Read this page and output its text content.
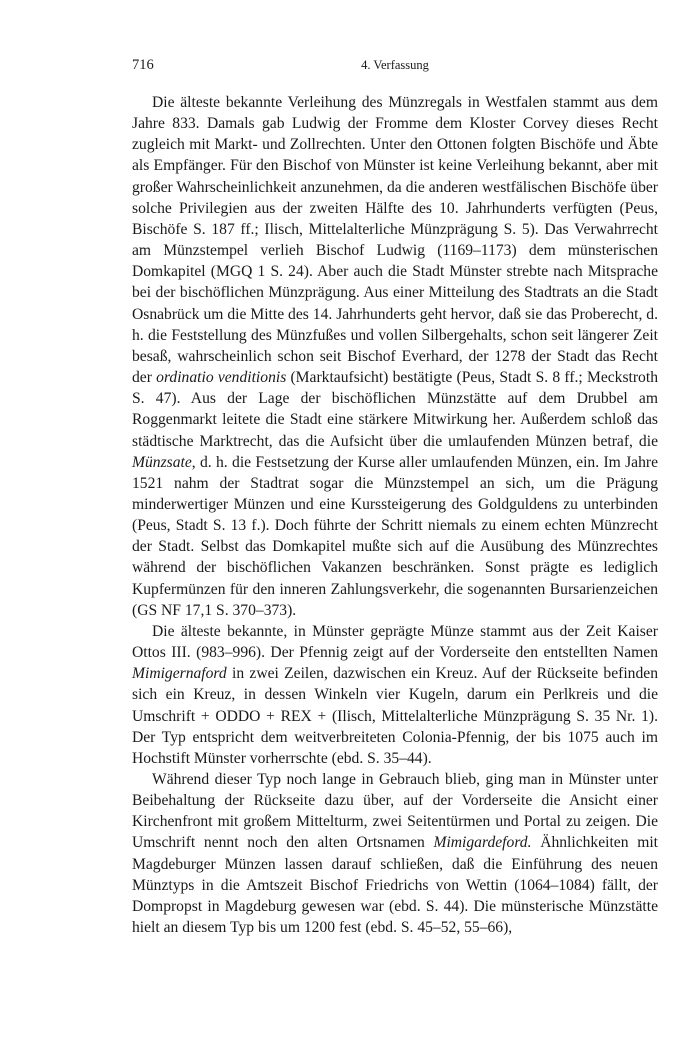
716	4. Verfassung

Die älteste bekannte Verleihung des Münzregals in Westfalen stammt aus dem Jahre 833. Damals gab Ludwig der Fromme dem Kloster Corvey dieses Recht zugleich mit Markt- und Zollrechten. Unter den Ottonen folgten Bischöfe und Äbte als Empfänger. Für den Bischof von Münster ist keine Verleihung bekannt, aber mit großer Wahrscheinlichkeit anzunehmen, da die anderen westfälischen Bischöfe über solche Privilegien aus der zweiten Hälfte des 10. Jahrhunderts verfügten (Peus, Bischöfe S. 187 ff.; Ilisch, Mittelalterliche Münzprägung S. 5). Das Verwahrrecht am Münzstempel verlieh Bischof Ludwig (1169–1173) dem münsterischen Domkapitel (MGQ 1 S. 24). Aber auch die Stadt Münster strebte nach Mitsprache bei der bischöflichen Münzprägung. Aus einer Mitteilung des Stadtrats an die Stadt Osnabrück um die Mitte des 14. Jahrhunderts geht hervor, daß sie das Proberecht, d. h. die Feststellung des Münzfußes und vollen Silbergehalts, schon seit längerer Zeit besaß, wahrscheinlich schon seit Bischof Everhard, der 1278 der Stadt das Recht der ordinatio venditionis (Marktaufsicht) bestätigte (Peus, Stadt S. 8 ff.; Meckstroth S. 47). Aus der Lage der bischöflichen Münzstätte auf dem Drubbel am Roggenmarkt leitete die Stadt eine stärkere Mitwirkung her. Außerdem schloß das städtische Marktrecht, das die Aufsicht über die umlaufenden Münzen betraf, die Münzsate, d. h. die Festsetzung der Kurse aller umlaufenden Münzen, ein. Im Jahre 1521 nahm der Stadtrat sogar die Münzstempel an sich, um die Prägung minderwertiger Münzen und eine Kurssteigerung des Goldguldens zu unterbinden (Peus, Stadt S. 13 f.). Doch führte der Schritt niemals zu einem echten Münzrecht der Stadt. Selbst das Domkapitel mußte sich auf die Ausübung des Münzrechtes während der bischöflichen Vakanzen beschränken. Sonst prägte es lediglich Kupfermünzen für den inneren Zahlungsverkehr, die sogenannten Bursarienzeichen (GS NF 17,1 S. 370–373).

Die älteste bekannte, in Münster geprägte Münze stammt aus der Zeit Kaiser Ottos III. (983–996). Der Pfennig zeigt auf der Vorderseite den entstellten Namen Mimigernaford in zwei Zeilen, dazwischen ein Kreuz. Auf der Rückseite befinden sich ein Kreuz, in dessen Winkeln vier Kugeln, darum ein Perlkreis und die Umschrift + ODDO + REX + (Ilisch, Mittelalterliche Münzprägung S. 35 Nr. 1). Der Typ entspricht dem weitverbreiteten Colonia-Pfennig, der bis 1075 auch im Hochstift Münster vorherrschte (ebd. S. 35–44).

Während dieser Typ noch lange in Gebrauch blieb, ging man in Münster unter Beibehaltung der Rückseite dazu über, auf der Vorderseite die Ansicht einer Kirchenfront mit großem Mittelturm, zwei Seitentürmen und Portal zu zeigen. Die Umschrift nennt noch den alten Ortsnamen Mimigardeford. Ähnlichkeiten mit Magdeburger Münzen lassen darauf schließen, daß die Einführung des neuen Münztyps in die Amtszeit Bischof Friedrichs von Wettin (1064–1084) fällt, der Dompropst in Magdeburg gewesen war (ebd. S. 44). Die münsterische Münzstätte hielt an diesem Typ bis um 1200 fest (ebd. S. 45–52, 55–66),
